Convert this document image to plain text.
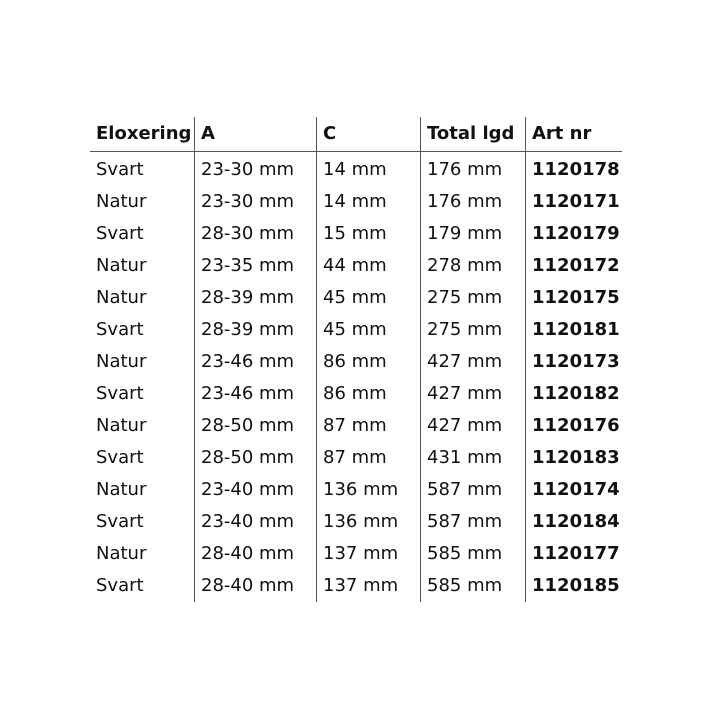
Eloxering	A	C	Total lgd	Art nr
Svart	23-30 mm	14 mm	176 mm	1120178
Natur	23-30 mm	14 mm	176 mm	1120171
Svart	28-30 mm	15 mm	179 mm	1120179
Natur	23-35 mm	44 mm	278 mm	1120172
Natur	28-39 mm	45 mm	275 mm	1120175
Svart	28-39 mm	45 mm	275 mm	1120181
Natur	23-46 mm	86 mm	427 mm	1120173
Svart	23-46 mm	86 mm	427 mm	1120182
Natur	28-50 mm	87 mm	427 mm	1120176
Svart	28-50 mm	87 mm	431 mm	1120183
Natur	23-40 mm	136 mm	587 mm	1120174
Svart	23-40 mm	136 mm	587 mm	1120184
Natur	28-40 mm	137 mm	585 mm	1120177
Svart	28-40 mm	137 mm	585 mm	1120185
